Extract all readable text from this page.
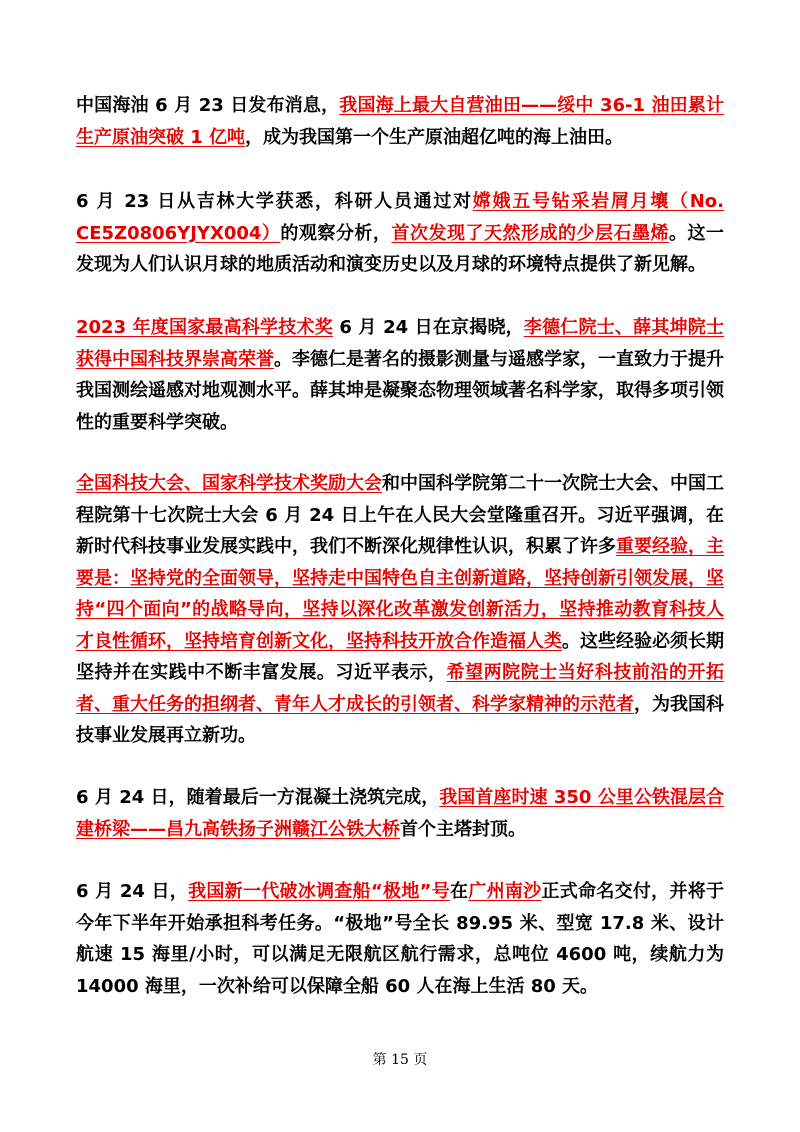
中国海油 6 月 23 日发布消息，我国海上最大自营油田——绥中 36-1 油田累计生产原油突破 1 亿吨，成为我国第一个生产原油超亿吨的海上油田。

6 月 23 日从吉林大学获悉，科研人员通过对嫦娥五号钻采岩屑月壤（No. CE5Z0806YJYX004）的观察分析，首次发现了天然形成的少层石墨烯。这一发现为人们认识月球的地质活动和演变历史以及月球的环境特点提供了新见解。

2023 年度国家最高科学技术奖 6 月 24 日在京揭晓，李德仁院士、薛其坤院士获得中国科技界崇高荣誉。李德仁是著名的摄影测量与遥感学家，一直致力于提升我国测绘遥感对地观测水平。薛其坤是凝聚态物理领域著名科学家，取得多项引领性的重要科学突破。

全国科技大会、国家科学技术奖励大会和中国科学院第二十一次院士大会、中国工程院第十七次院士大会 6 月 24 日上午在人民大会堂隆重召开。习近平强调，在新时代科技事业发展实践中，我们不断深化规律性认识，积累了许多重要经验，主要是：坚持党的全面领导，坚持走中国特色自主创新道路，坚持创新引领发展，坚持“四个面向”的战略导向，坚持以深化改革激发创新活力，坚持推动教育科技人才良性循环，坚持培育创新文化，坚持科技开放合作造福人类。这些经验必须长期坚持并在实践中不断丰富发展。习近平表示，希望两院院士当好科技前沿的开拓者、重大任务的担纲者、青年人才成长的引领者、科学家精神的示范者，为我国科技事业发展再立新功。

6 月 24 日，随着最后一方混凝土浇筑完成，我国首座时速 350 公里公铁混层合建桥梁——昌九高铁扬子洲赣江公铁大桥首个主塔封顶。

6 月 24 日，我国新一代破冰调查船“极地”号在广州南沙正式命名交付，并将于今年下半年开始承担科考任务。“极地”号全长 89.95 米、型宽 17.8 米、设计航速 15 海里/小时，可以满足无限航区航行需求，总吨位 4600 吨，续航力为 14000 海里，一次补给可以保障全船 60 人在海上生活 80 天。

第 15 页
